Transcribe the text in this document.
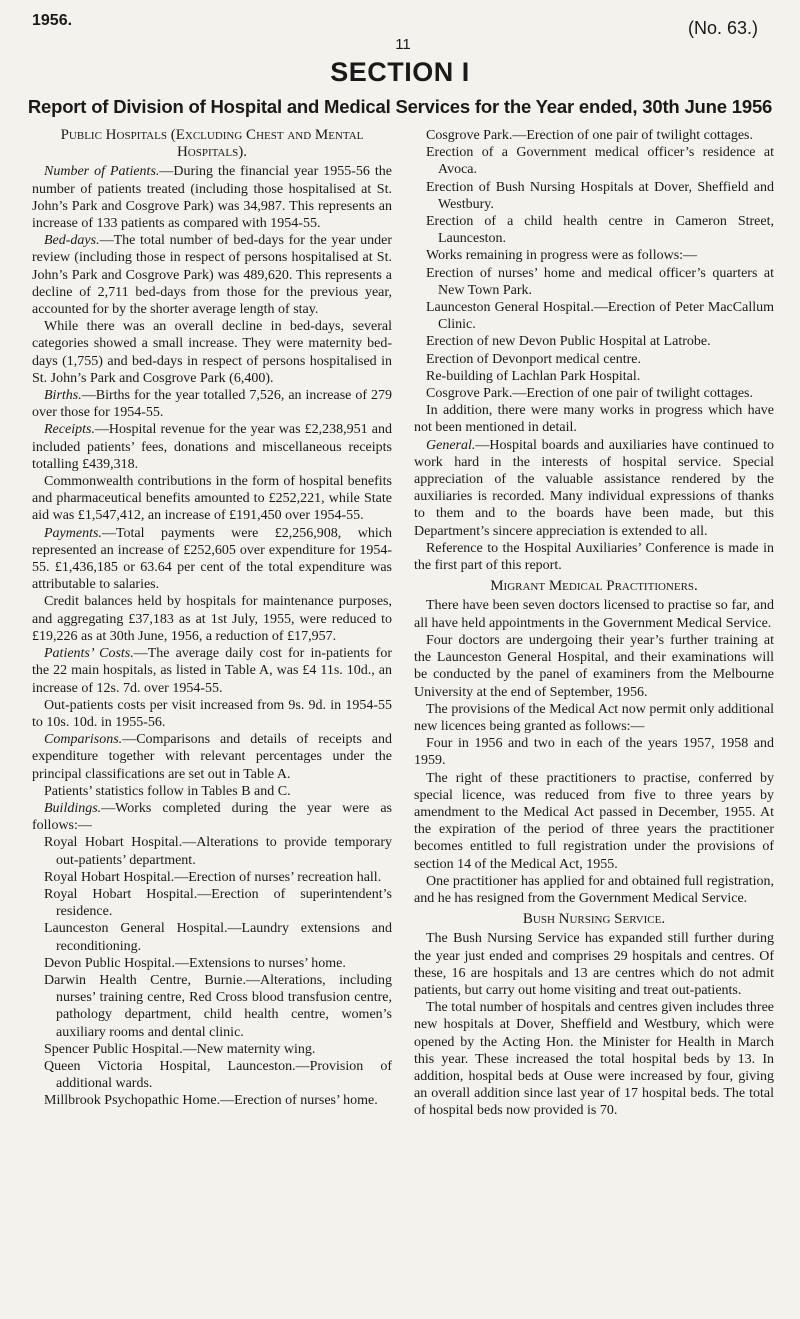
1956.
11
(No. 63.)
SECTION I
Report of Division of Hospital and Medical Services for the Year ended, 30th June 1956

Public Hospitals (Excluding Chest and Mental Hospitals).

Number of Patients.—During the financial year 1955-56 the number of patients treated (including those hospitalised at St. John’s Park and Cosgrove Park) was 34,987. This represents an increase of 133 patients as compared with 1954-55.

Bed-days.—The total number of bed-days for the year under review (including those in respect of persons hospitalised at St. John’s Park and Cosgrove Park) was 489,620. This represents a decline of 2,711 bed-days from those for the previous year, accounted for by the shorter average length of stay.

While there was an overall decline in bed-days, several categories showed a small increase. They were maternity bed-days (1,755) and bed-days in respect of persons hospitalised in St. John’s Park and Cosgrove Park (6,400).

Births.—Births for the year totalled 7,526, an increase of 279 over those for 1954-55.

Receipts.—Hospital revenue for the year was £2,238,951 and included patients’ fees, donations and miscellaneous receipts totalling £439,318.

Commonwealth contributions in the form of hospital benefits and pharmaceutical benefits amounted to £252,221, while State aid was £1,547,412, an increase of £191,450 over 1954-55.

Payments.—Total payments were £2,256,908, which represented an increase of £252,605 over expenditure for 1954-55. £1,436,185 or 63.64 per cent of the total expenditure was attributable to salaries.

Credit balances held by hospitals for maintenance purposes, and aggregating £37,183 as at 1st July, 1955, were reduced to £19,226 as at 30th June, 1956, a reduction of £17,957.

Patients’ Costs.—The average daily cost for in-patients for the 22 main hospitals, as listed in Table A, was £4 11s. 10d., an increase of 12s. 7d. over 1954-55.

Out-patients costs per visit increased from 9s. 9d. in 1954-55 to 10s. 10d. in 1955-56.

Comparisons.—Comparisons and details of receipts and expenditure together with relevant percentages under the principal classifications are set out in Table A.

Patients’ statistics follow in Tables B and C.

Buildings.—Works completed during the year were as follows:—

Royal Hobart Hospital.—Alterations to provide temporary out-patients’ department.

Royal Hobart Hospital.—Erection of nurses’ recreation hall.

Royal Hobart Hospital.—Erection of superintendent’s residence.

Launceston General Hospital.—Laundry extensions and reconditioning.

Devon Public Hospital.—Extensions to nurses’ home.

Darwin Health Centre, Burnie.—Alterations, including nurses’ training centre, Red Cross blood transfusion centre, pathology department, child health centre, women’s auxiliary rooms and dental clinic.

Spencer Public Hospital.—New maternity wing.

Queen Victoria Hospital, Launceston.—Provision of additional wards.

Millbrook Psychopathic Home.—Erection of nurses’ home.

Cosgrove Park.—Erection of one pair of twilight cottages.

Erection of a Government medical officer’s residence at Avoca.

Erection of Bush Nursing Hospitals at Dover, Sheffield and Westbury.

Erection of a child health centre in Cameron Street, Launceston.

Works remaining in progress were as follows:—

Erection of nurses’ home and medical officer’s quarters at New Town Park.

Launceston General Hospital.—Erection of Peter MacCallum Clinic.

Erection of new Devon Public Hospital at Latrobe.

Erection of Devonport medical centre.

Re-building of Lachlan Park Hospital.

Cosgrove Park.—Erection of one pair of twilight cottages.

In addition, there were many works in progress which have not been mentioned in detail.

General.—Hospital boards and auxiliaries have continued to work hard in the interests of hospital service. Special appreciation of the valuable assistance rendered by the auxiliaries is recorded. Many individual expressions of thanks to them and to the boards have been made, but this Department’s sincere appreciation is extended to all.

Reference to the Hospital Auxiliaries’ Conference is made in the first part of this report.

Migrant Medical Practitioners.

There have been seven doctors licensed to practise so far, and all have held appointments in the Government Medical Service.

Four doctors are undergoing their year’s further training at the Launceston General Hospital, and their examinations will be conducted by the panel of examiners from the Melbourne University at the end of September, 1956.

The provisions of the Medical Act now permit only additional new licences being granted as follows:—

Four in 1956 and two in each of the years 1957, 1958 and 1959.

The right of these practitioners to practise, conferred by special licence, was reduced from five to three years by amendment to the Medical Act passed in December, 1955. At the expiration of the period of three years the practitioner becomes entitled to full registration under the provisions of section 14 of the Medical Act, 1955.

One practitioner has applied for and obtained full registration, and he has resigned from the Government Medical Service.

Bush Nursing Service.

The Bush Nursing Service has expanded still further during the year just ended and comprises 29 hospitals and centres. Of these, 16 are hospitals and 13 are centres which do not admit patients, but carry out home visiting and treat out-patients.

The total number of hospitals and centres given includes three new hospitals at Dover, Sheffield and Westbury, which were opened by the Acting Hon. the Minister for Health in March this year. These increased the total hospital beds by 13. In addition, hospital beds at Ouse were increased by four, giving an overall addition since last year of 17 hospital beds. The total of hospital beds now provided is 70.
